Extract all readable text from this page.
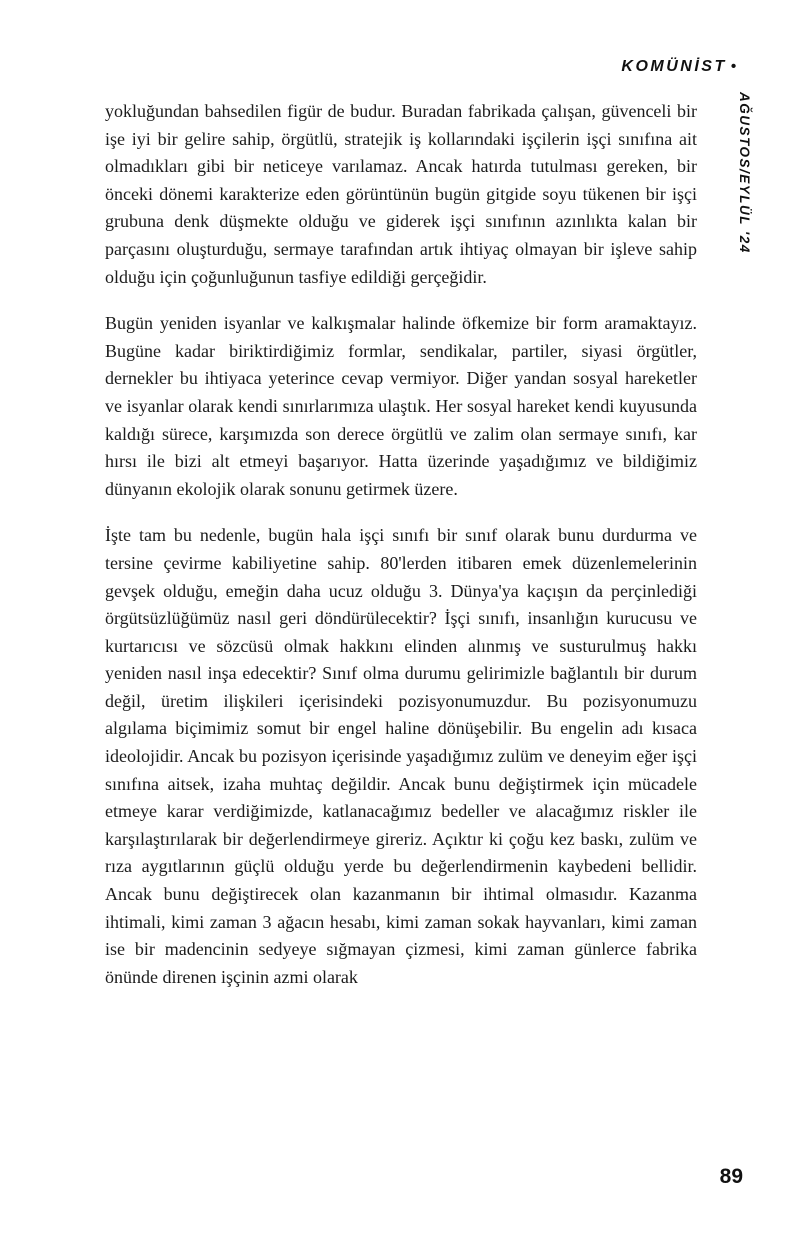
KOMÜNİST •
AĞUSTOS/EYLÜL '24

yokluğundan bahsedilen figür de budur. Buradan fabrikada çalışan, güvenceli bir işe iyi bir gelire sahip, örgütlü, stratejik iş kollarındaki işçilerin işçi sınıfına ait olmadıkları gibi bir neticeye varılamaz. Ancak hatırda tutulması gereken, bir önceki dönemi karakterize eden görüntünün bugün gitgide soyu tükenen bir işçi grubuna denk düşmekte olduğu ve giderek işçi sınıfının azınlıkta kalan bir parçasını oluşturduğu, sermaye tarafından artık ihtiyaç olmayan bir işleve sahip olduğu için çoğunluğunun tasfiye edildiği gerçeğidir.

Bugün yeniden isyanlar ve kalkışmalar halinde öfkemize bir form aramaktayız. Bugüne kadar biriktirdiğimiz formlar, sendikalar, partiler, siyasi örgütler, dernekler bu ihtiyaca yeterince cevap vermiyor. Diğer yandan sosyal hareketler ve isyanlar olarak kendi sınırlarımıza ulaştık. Her sosyal hareket kendi kuyusunda kaldığı sürece, karşımızda son derece örgütlü ve zalim olan sermaye sınıfı, kar hırsı ile bizi alt etmeyi başarıyor. Hatta üzerinde yaşadığımız ve bildiğimiz dünyanın ekolojik olarak sonunu getirmek üzere.

İşte tam bu nedenle, bugün hala işçi sınıfı bir sınıf olarak bunu durdurma ve tersine çevirme kabiliyetine sahip. 80'lerden itibaren emek düzenlemelerinin gevşek olduğu, emeğin daha ucuz olduğu 3. Dünya'ya kaçışın da perçinlediği örgütsüzlüğümüz nasıl geri döndürülecektir? İşçi sınıfı, insanlığın kurucusu ve kurtarıcısı ve sözcüsü olmak hakkını elinden alınmış ve susturulmuş hakkı yeniden nasıl inşa edecektir? Sınıf olma durumu gelirimizle bağlantılı bir durum değil, üretim ilişkileri içerisindeki pozisyonumuzdur. Bu pozisyonumuzu algılama biçimimiz somut bir engel haline dönüşebilir. Bu engelin adı kısaca ideolojidir. Ancak bu pozisyon içerisinde yaşadığımız zulüm ve deneyim eğer işçi sınıfına aitsek, izaha muhtaç değildir. Ancak bunu değiştirmek için mücadele etmeye karar verdiğimizde, katlanacağımız bedeller ve alacağımız riskler ile karşılaştırılarak bir değerlendirmeye gireriz. Açıktır ki çoğu kez baskı, zulüm ve rıza aygıtlarının güçlü olduğu yerde bu değerlendirmenin kaybedeni bellidir. Ancak bunu değiştirecek olan kazanmanın bir ihtimal olmasıdır. Kazanma ihtimali, kimi zaman 3 ağacın hesabı, kimi zaman sokak hayvanları, kimi zaman ise bir madencinin sedyeye sığmayan çizmesi, kimi zaman günlerce fabrika önünde direnen işçinin azmi olarak

89
